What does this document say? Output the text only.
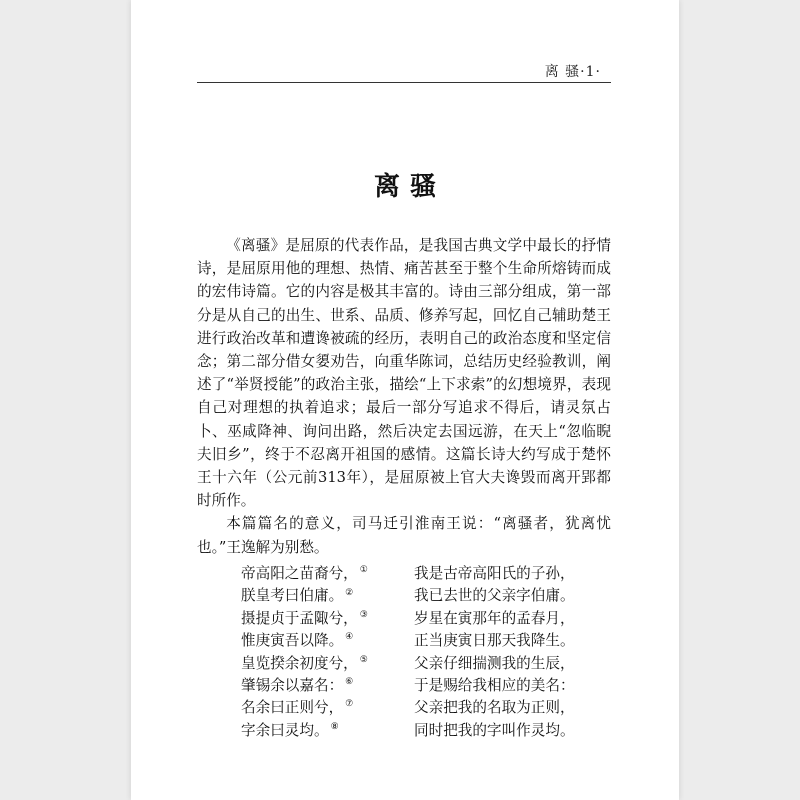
离 骚·1·
离骚

《离骚》是屈原的代表作品，是我国古典文学中最长的抒情诗，是屈原用他的理想、热情、痛苦甚至于整个生命所熔铸而成的宏伟诗篇。它的内容是极其丰富的。诗由三部分组成，第一部分是从自己的出生、世系、品质、修养写起，回忆自己辅助楚王进行政治改革和遭谗被疏的经历，表明自己的政治态度和坚定信念；第二部分借女嬃劝告，向重华陈词，总结历史经验教训，阐述了“举贤授能”的政治主张，描绘“上下求索”的幻想境界，表现自己对理想的执着追求；最后一部分写追求不得后，请灵氛占卜、巫咸降神、询问出路，然后决定去国远游，在天上“忽临睨夫旧乡”，终于不忍离开祖国的感情。这篇长诗大约写成于楚怀王十六年（公元前313年），是屈原被上官大夫谗毁而离开郢都时所作。

本篇篇名的意义，司马迁引淮南王说：“离骚者，犹离忧也。”王逸解为别愁。

帝高阳之苗裔兮， ①	我是古帝高阳氏的子孙，
朕皇考曰伯庸。 ②	我已去世的父亲字伯庸。
摄提贞于孟陬兮， ③	岁星在寅那年的孟春月，
惟庚寅吾以降。 ④	正当庚寅日那天我降生。
皇览揆余初度兮， ⑤	父亲仔细揣测我的生辰，
肇锡余以嘉名： ⑥	于是赐给我相应的美名：
名余曰正则兮， ⑦	父亲把我的名取为正则，
字余曰灵均。 ⑧	同时把我的字叫作灵均。
